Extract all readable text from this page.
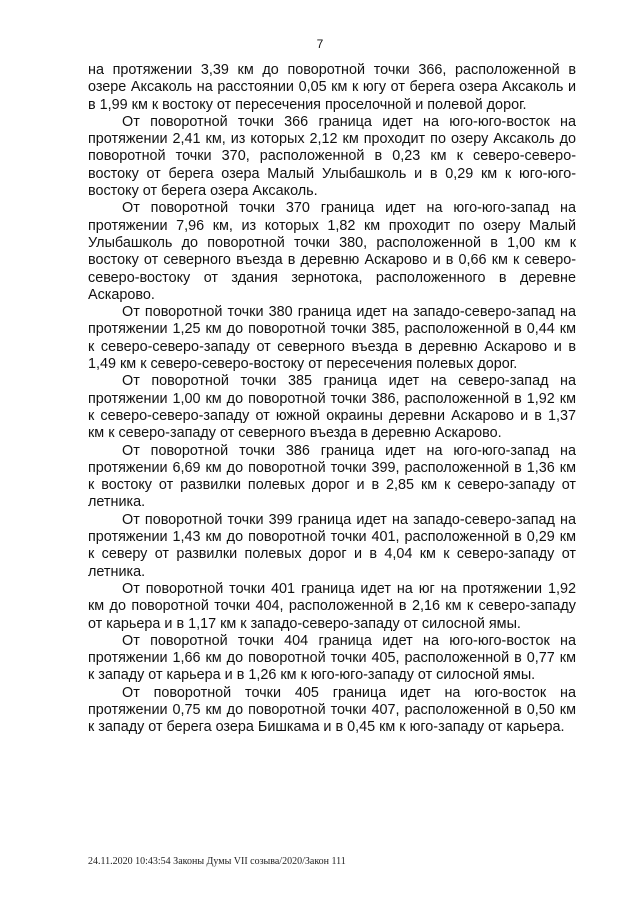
7

на протяжении 3,39 км до поворотной точки 366, расположенной в озере Аксаколь на расстоянии 0,05 км к югу от берега озера Аксаколь и в 1,99 км к востоку от пересечения проселочной и полевой дорог.

От поворотной точки 366 граница идет на юго-юго-восток на протяжении 2,41 км, из которых 2,12 км проходит по озеру Аксаколь до поворотной точки 370, расположенной в 0,23 км к северо-северо-востоку от берега озера Малый Улыбашколь и в 0,29 км к юго-юго-востоку от берега озера Аксаколь.

От поворотной точки 370 граница идет на юго-юго-запад на протяжении 7,96 км, из которых 1,82 км проходит по озеру Малый Улыбашколь до поворотной точки 380, расположенной в 1,00 км к востоку от северного въезда в деревню Аскарово и в 0,66 км к северо-северо-востоку от здания зернотока, расположенного в деревне Аскарово.

От поворотной точки 380 граница идет на западо-северо-запад на протяжении 1,25 км до поворотной точки 385, расположенной в 0,44 км к северо-северо-западу от северного въезда в деревню Аскарово и в 1,49 км к северо-северо-востоку от пересечения полевых дорог.

От поворотной точки 385 граница идет на северо-запад на протяжении 1,00 км до поворотной точки 386, расположенной в 1,92 км к северо-северо-западу от южной окраины деревни Аскарово и в 1,37 км к северо-западу от северного въезда в деревню Аскарово.

От поворотной точки 386 граница идет на юго-юго-запад на протяжении 6,69 км до поворотной точки 399, расположенной в 1,36 км к востоку от развилки полевых дорог и в 2,85 км к северо-западу от летника.

От поворотной точки 399 граница идет на западо-северо-запад на протяжении 1,43 км до поворотной точки 401, расположенной в 0,29 км к северу от развилки полевых дорог и в 4,04 км к северо-западу от летника.

От поворотной точки 401 граница идет на юг на протяжении 1,92 км до поворотной точки 404, расположенной в 2,16 км к северо-западу от карьера и в 1,17 км к западо-северо-западу от силосной ямы.

От поворотной точки 404 граница идет на юго-юго-восток на протяжении 1,66 км до поворотной точки 405, расположенной в 0,77 км к западу от карьера и в 1,26 км к юго-юго-западу от силосной ямы.

От поворотной точки 405 граница идет на юго-восток на протяжении 0,75 км до поворотной точки 407, расположенной в 0,50 км к западу от берега озера Бишкама и в 0,45 км к юго-западу от карьера.

24.11.2020 10:43:54 Законы Думы VII созыва/2020/Закон 111
